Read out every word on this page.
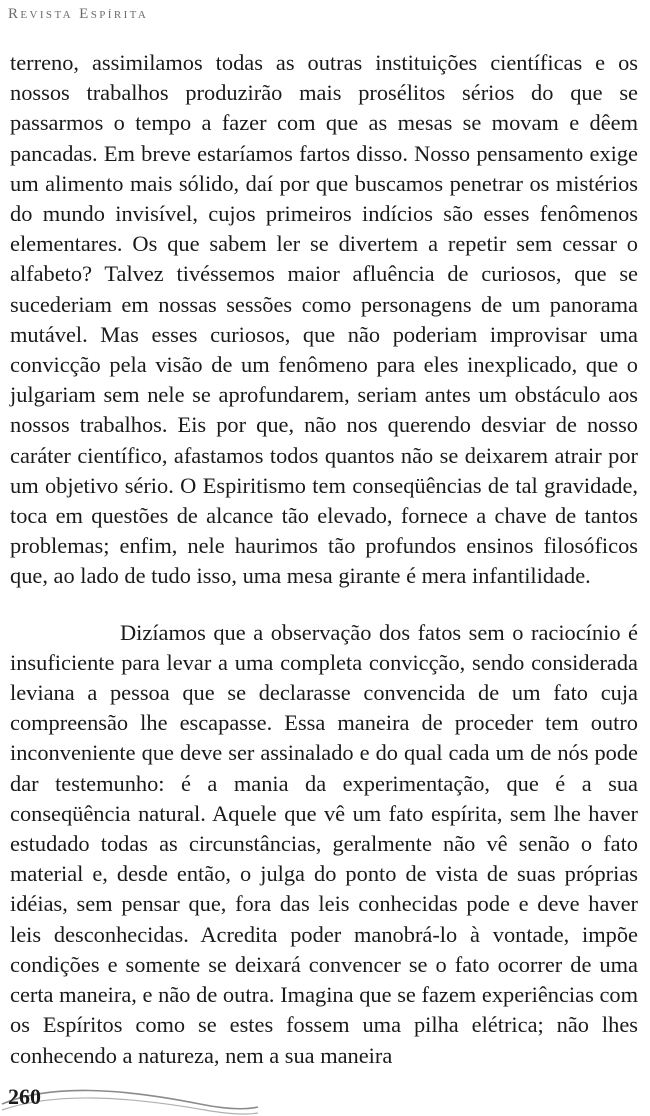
Revista Espírita

terreno, assimilamos todas as outras instituições científicas e os nossos trabalhos produzirão mais prosélitos sérios do que se passarmos o tempo a fazer com que as mesas se movam e dêem pancadas. Em breve estaríamos fartos disso. Nosso pensamento exige um alimento mais sólido, daí por que buscamos penetrar os mistérios do mundo invisível, cujos primeiros indícios são esses fenômenos elementares. Os que sabem ler se divertem a repetir sem cessar o alfabeto? Talvez tivéssemos maior afluência de curiosos, que se sucederiam em nossas sessões como personagens de um panorama mutável. Mas esses curiosos, que não poderiam improvisar uma convicção pela visão de um fenômeno para eles inexplicado, que o julgariam sem nele se aprofundarem, seriam antes um obstáculo aos nossos trabalhos. Eis por que, não nos querendo desviar de nosso caráter científico, afastamos todos quantos não se deixarem atrair por um objetivo sério. O Espiritismo tem conseqüências de tal gravidade, toca em questões de alcance tão elevado, fornece a chave de tantos problemas; enfim, nele haurimos tão profundos ensinos filosóficos que, ao lado de tudo isso, uma mesa girante é mera infantilidade.

Dizíamos que a observação dos fatos sem o raciocínio é insuficiente para levar a uma completa convicção, sendo considerada leviana a pessoa que se declarasse convencida de um fato cuja compreensão lhe escapasse. Essa maneira de proceder tem outro inconveniente que deve ser assinalado e do qual cada um de nós pode dar testemunho: é a mania da experimentação, que é a sua conseqüência natural. Aquele que vê um fato espírita, sem lhe haver estudado todas as circunstâncias, geralmente não vê senão o fato material e, desde então, o julga do ponto de vista de suas próprias idéias, sem pensar que, fora das leis conhecidas pode e deve haver leis desconhecidas. Acredita poder manobrá-lo à vontade, impõe condições e somente se deixará convencer se o fato ocorrer de uma certa maneira, e não de outra. Imagina que se fazem experiências com os Espíritos como se estes fossem uma pilha elétrica; não lhes conhecendo a natureza, nem a sua maneira

260
